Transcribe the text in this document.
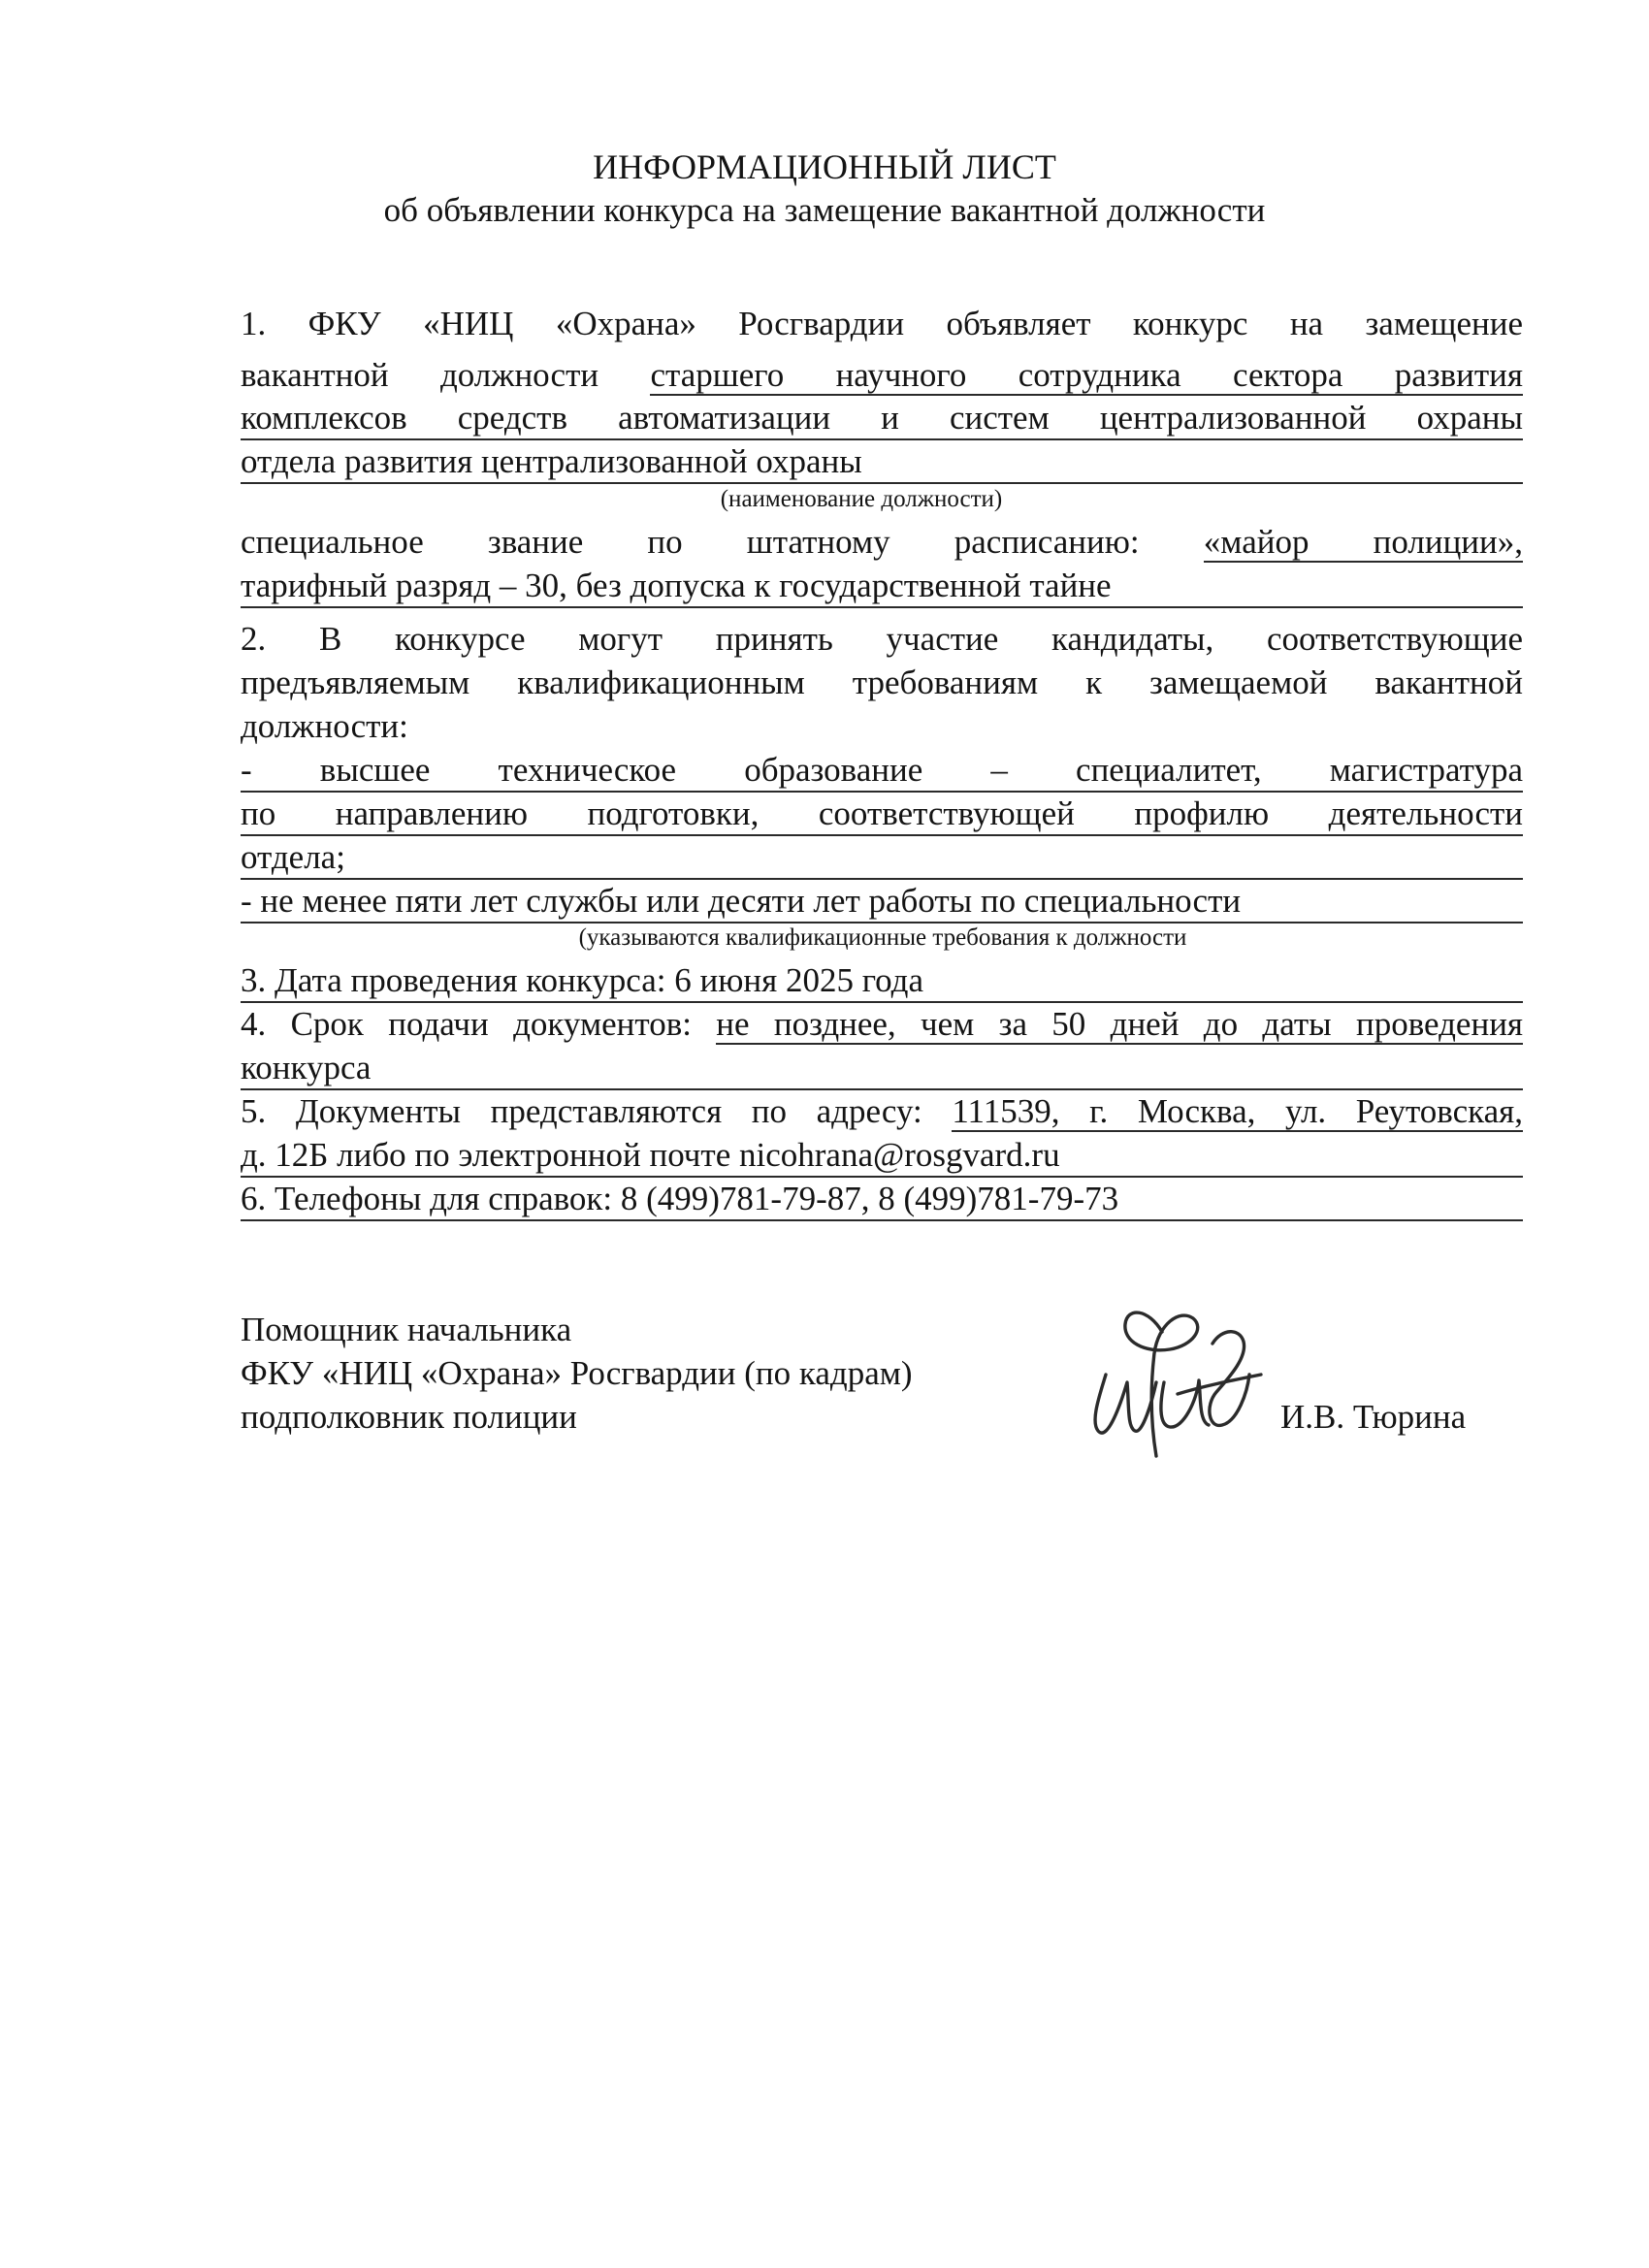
ИНФОРМАЦИОННЫЙ ЛИСТ

об объявлении конкурса на замещение вакантной должности

1. ФКУ «НИЦ «Охрана» Росгвардии объявляет конкурс на замещение
вакантной должности старшего научного сотрудника сектора развития
комплексов средств автоматизации и систем централизованной охраны
отдела развития централизованной охраны
(наименование должности)
специальное звание по штатному расписанию: «майор полиции»,
тарифный разряд – 30, без допуска к государственной тайне
2. В конкурсе могут принять участие кандидаты, соответствующие
предъявляемым квалификационным требованиям к замещаемой вакантной
должности:
- высшее техническое образование – специалитет, магистратура
по направлению подготовки, соответствующей профилю деятельности
отдела;
- не менее пяти лет службы или десяти лет работы по специальности
(указываются квалификационные требования к должности
3. Дата проведения конкурса: 6 июня 2025 года
4. Срок подачи документов: не позднее, чем за 50 дней до даты проведения
конкурса
5. Документы представляются по адресу: 111539, г. Москва, ул. Реутовская,
д. 12Б либо по электронной почте nicohrana@rosgvard.ru
6. Телефоны для справок: 8 (499)781-79-87, 8 (499)781-79-73
Помощник начальника
ФКУ «НИЦ «Охрана» Росгвардии (по кадрам)
подполковник полиции	И.В. Тюрина
